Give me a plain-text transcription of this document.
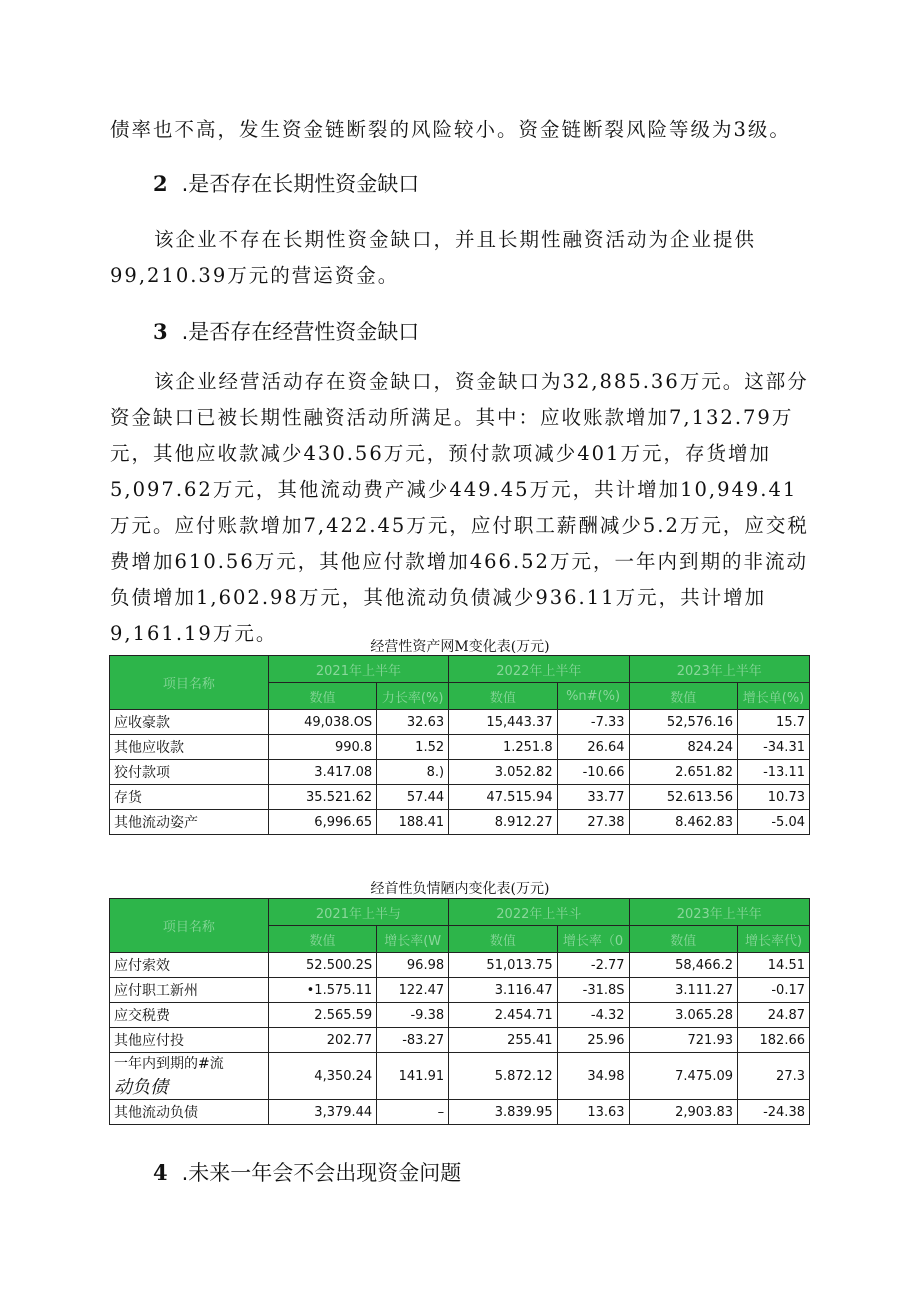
债率也不高，发生资金链断裂的风险较小。资金链断裂风险等级为3级。

2 .是否存在长期性资金缺口

该企业不存在长期性资金缺口，并且长期性融资活动为企业提供99,210.39万元的营运资金。

3 .是否存在经营性资金缺口

该企业经营活动存在资金缺口，资金缺口为32,885.36万元。这部分资金缺口已被长期性融资活动所满足。其中：应收账款增加7,132.79万元，其他应收款减少430.56万元，预付款项减少401万元，存货增加5,097.62万元，其他流动费产减少449.45万元，共计增加10,949.41万元。应付账款增加7,422.45万元，应付职工薪酬减少5.2万元，应交税费增加610.56万元，其他应付款增加466.52万元，一年内到期的非流动负债增加1,602.98万元，其他流动负债减少936.11万元，共计增加9,161.19万元。

经营性资产网M变化表(万元)
项目名称	2021年上半年		2022年上半年		2023年上半年	
	数值	力长率(%)	数值	%n#(%)	数值	增长单(%)
应收豪款	49,038.OS	32.63	15,443.37	-7.33	52,576.16	15.7
其他应收款	990.8	1.52	1.251.8	26.64	824.24	-34.31
狡付款项	3.417.08	8.)	3.052.82	-10.66	2.651.82	-13.11
存货	35.521.62	57.44	47.515.94	33.77	52.613.56	10.73
其他流动姿产	6,996.65	188.41	8.912.27	27.38	8.462.83	-5.04
经首性负情陋内变化表(万元)
项目名称	2021年上半与		2022年上半斗		2023年上半年	
	数值	增长率(W	数值	增长率（0	数值	增长率代)
应付索效	52.500.2S	96.98	51,013.75	-2.77	58,466.2	14.51
应付职工新州	•1.575.11	122.47	3.116.47	-31.8S	3.111.27	-0.17
应交税费	2.565.59	-9.38	2.454.71	-4.32	3.065.28	24.87
其他应付投	202.77	-83.27	255.41	25.96	721.93	182.66
一年内到期的#流
动负债	4,350.24	141.91	5.872.12	34.98	7.475.09	27.3
其他流动负债	3,379.44	–	3.839.95	13.63	2,903.83	-24.38
4 .未来一年会不会出现资金问题
